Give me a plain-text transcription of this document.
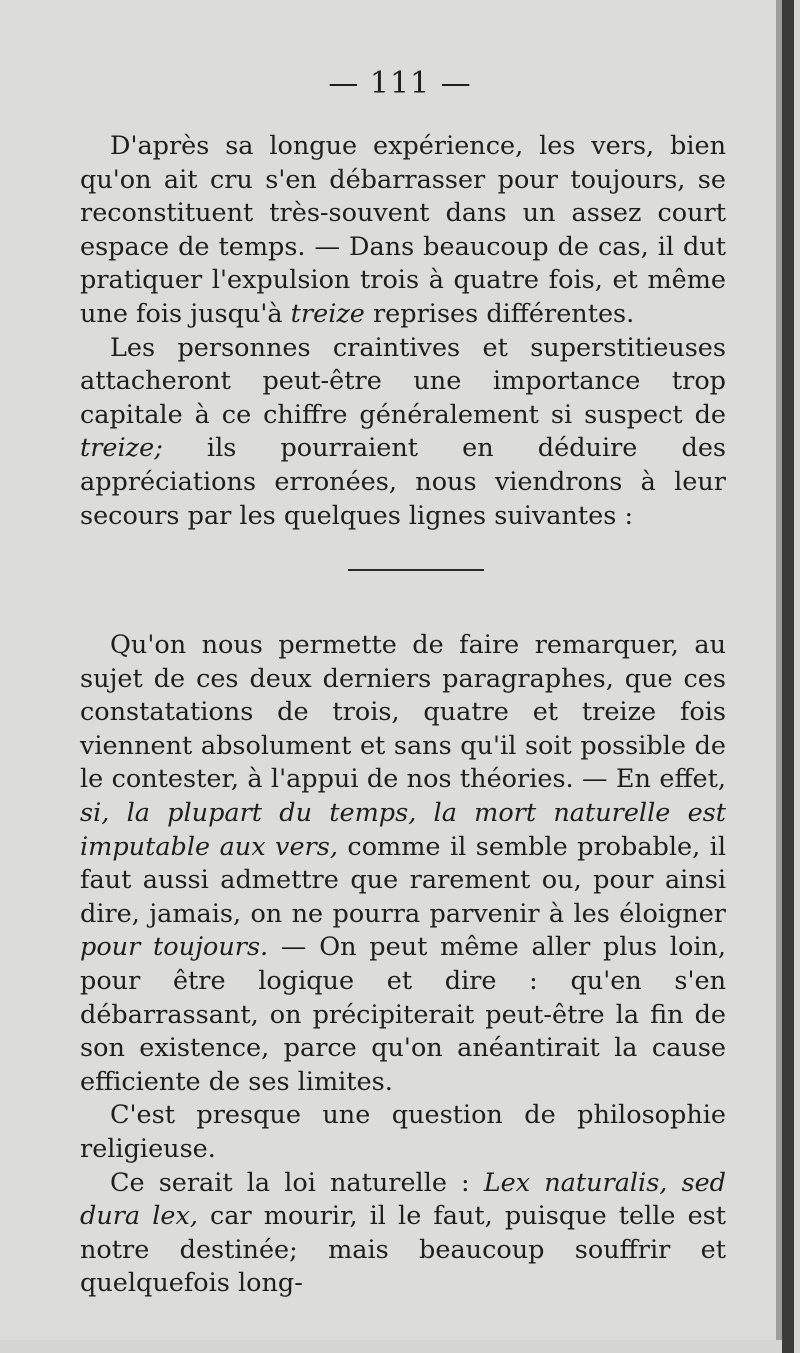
— 111 —

D'après sa longue expérience, les vers, bien qu'on ait cru s'en débarrasser pour toujours, se reconstituent très-souvent dans un assez court espace de temps. — Dans beaucoup de cas, il dut pratiquer l'expulsion trois à quatre fois, et même une fois jusqu'à treize reprises différentes.

Les personnes craintives et superstitieuses attacheront peut-être une importance trop capitale à ce chiffre généralement si suspect de treize; ils pourraient en déduire des appréciations erronées, nous viendrons à leur secours par les quelques lignes suivantes :

Qu'on nous permette de faire remarquer, au sujet de ces deux derniers paragraphes, que ces constatations de trois, quatre et treize fois viennent absolument et sans qu'il soit possible de le contester, à l'appui de nos théories. — En effet, si, la plupart du temps, la mort naturelle est imputable aux vers, comme il semble probable, il faut aussi admettre que rarement ou, pour ainsi dire, jamais, on ne pourra parvenir à les éloigner pour toujours. — On peut même aller plus loin, pour être logique et dire : qu'en s'en débarrassant, on précipiterait peut-être la fin de son existence, parce qu'on anéantirait la cause efficiente de ses limites.

C'est presque une question de philosophie religieuse.

Ce serait la loi naturelle : Lex naturalis, sed dura lex, car mourir, il le faut, puisque telle est notre destinée; mais beaucoup souffrir et quelquefois long-
